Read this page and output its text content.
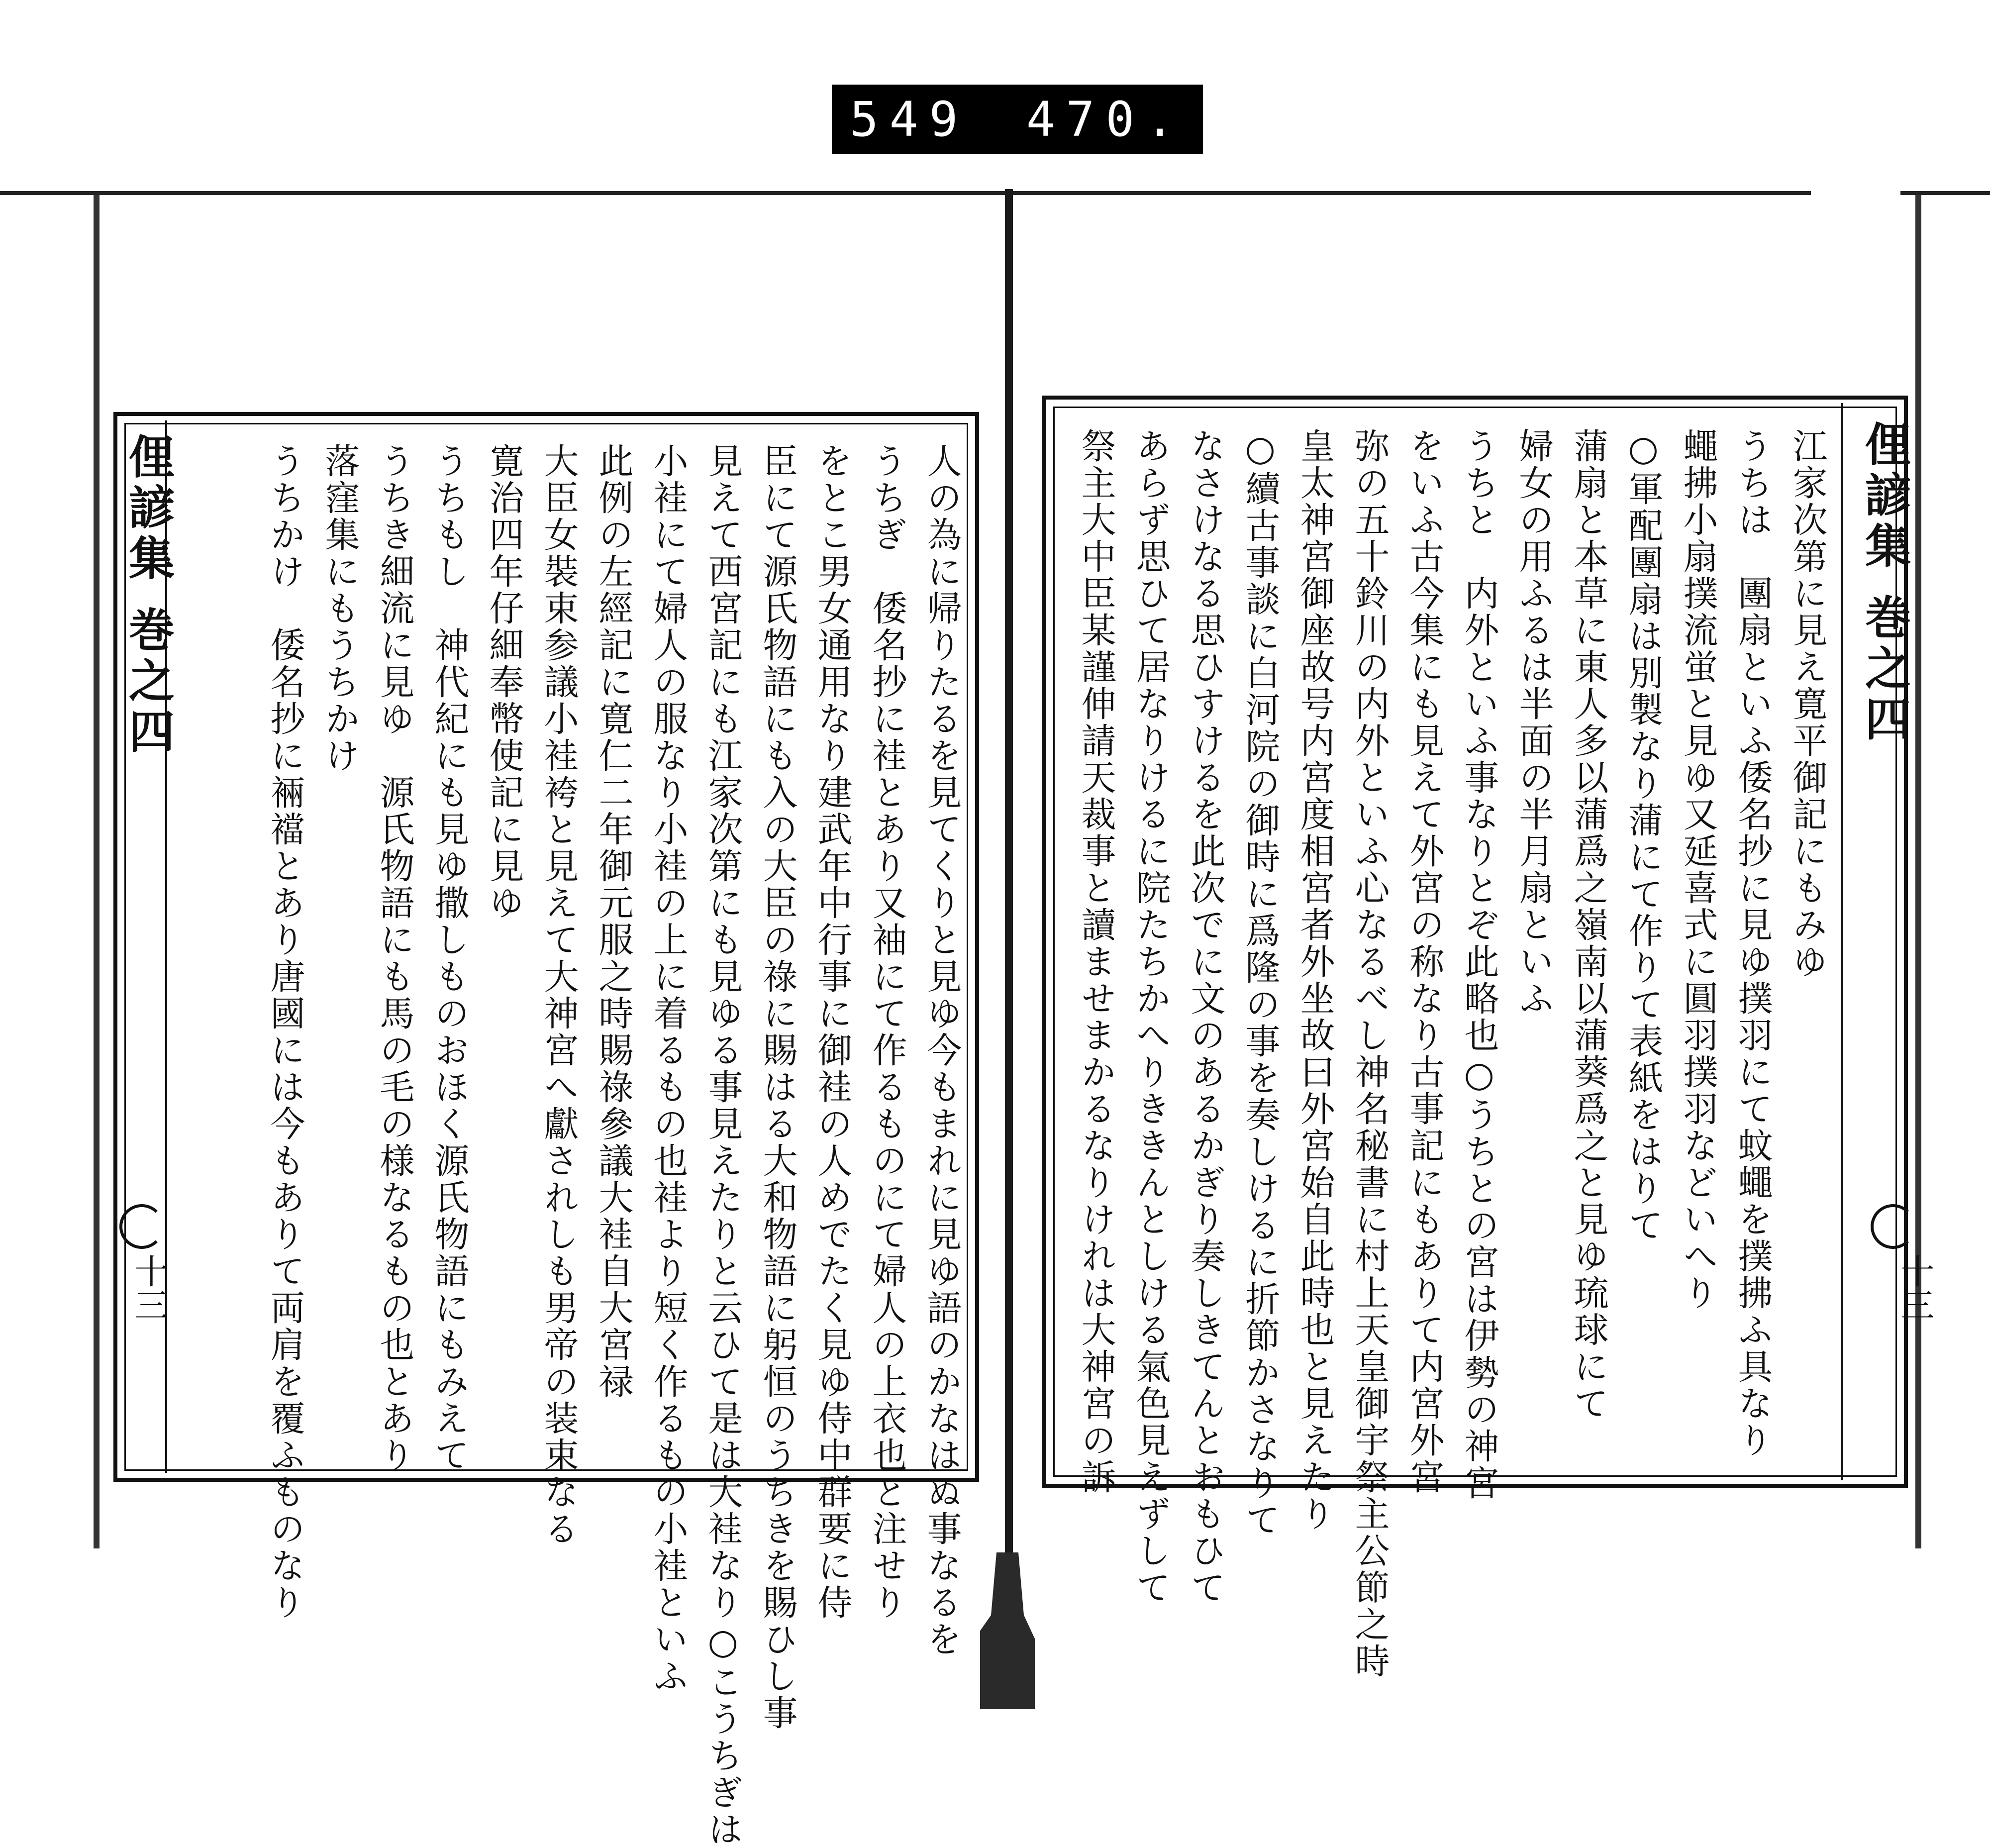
549 470.
俚諺集 巻之四
十三
江家次第に見え寛平御記にもみゆ
うちは　團扇といふ倭名抄に見ゆ撲羽にて蚊蠅を撲拂ふ具なり
蠅拂小扇撲流蛍と見ゆ又延喜式に圓羽撲羽などいへり
○軍配團扇は別製なり蒲にて作りて表紙をはりて
蒲扇と本草に東人多以蒲爲之嶺南以蒲葵爲之と見ゆ琉球にて
婦女の用ふるは半面の半月扇といふ
うちと　内外といふ事なりとぞ此略也○うちとの宮は伊勢の神宮
をいふ古今集にも見えて外宮の称なり古事記にもありて内宮外宮
弥の五十鈴川の内外といふ心なるべし神名秘書に村上天皇御宇祭主公節之時
皇太神宮御座故号内宮度相宮者外坐故曰外宮始自此時也と見えたり
○續古事談に白河院の御時に爲隆の事を奏しけるに折節かさなりて
なさけなる思ひすけるを此次でに文のあるかぎり奏しきてんとおもひて
あらず思ひて居なりけるに院たちかへりききんとしける氣色見えずして
祭主大中臣某謹伸請天裁事と讀ませまかるなりけれは大神宮の訴
俚諺集 巻之四
十三	人の為に帰りたるを見てくりと見ゆ今もまれに見ゆ語のかなはぬ事なるを
うちぎ　倭名抄に袿とあり又袖にて作るものにて婦人の上衣也と注せり
をとこ男女通用なり建武年中行事に御袿の人めでたく見ゆ侍中群要に侍
臣にて源氏物語にも入の大臣の祿に賜はる大和物語に躬恒のうちきを賜ひし事
見えて西宮記にも江家次第にも見ゆる事見えたりと云ひて是は大袿なり○こうちぎは
小袿にて婦人の服なり小袿の上に着るもの也袿より短く作るもの小袿といふ
此例の左經記に寛仁二年御元服之時賜祿參議大袿自大宮禄
大臣女裝束参議小袿袴と見えて大神宮へ獻されしも男帝の装束なる
寛治四年仔細奉幣使記に見ゆ
うちもし　神代紀にも見ゆ撒しものおほく源氏物語にもみえて
うちき細流に見ゆ　源氏物語にも馬の毛の様なるもの也とあり
落窪集にもうちかけ
うちかけ　倭名抄に裲襠とあり唐國には今もありて両肩を覆ふものなり
